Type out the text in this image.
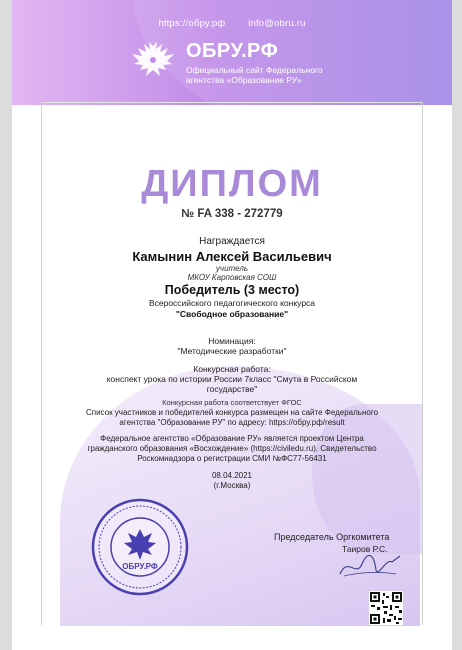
https://обру.рф info@obru.ru
ОБРУ.РФ
Официальный сайт Федерального агентства «Образование РУ»
ДИПЛОМ
№ FA 338 - 272779
Награждается
Камынин Алексей Васильевич
учитель
МКОУ Карповская СОШ
Победитель (3 место)
Всероссийского педагогического конкурса
"Свободное образование"
Номинация:
"Методические разработки"
Конкурсная работа:
конспект урока по истории России 7класс "Смута в Российском государстве"
Конкурсная работа соответствует ФГОС
Список участников и победителей конкурса размещен на сайте Федерального агентства "Образование РУ" по адресу: https://обру.рф/result
Федеральное агентство «Образование РУ» является проектом Центра гражданского образования «Восхождение» (https://civiledu.ru). Свидетельство Роскомнадзора о регистрации СМИ №ФС77-56431
08.04.2021
(г.Москва)
ОБРУ.РФ
Председатель Оргкомитета
Таиров Р.С.
